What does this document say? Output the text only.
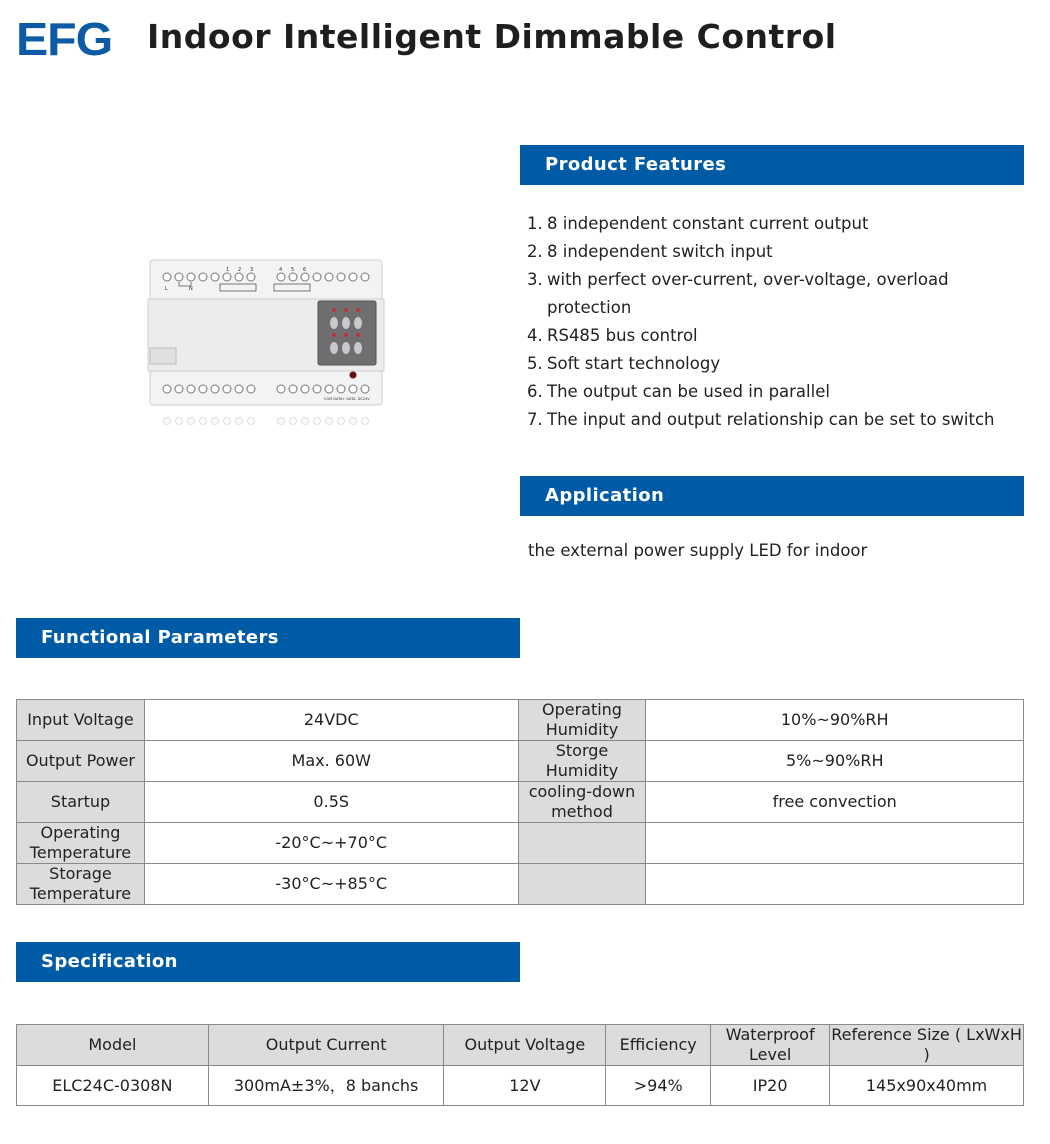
EFG Indoor Intelligent Dimmable Control
L	N
1 2 3	4 5 6
COM DATA+ DATA- DC24V
Product Features
1. 8 independent constant current output
2. 8 independent switch input
3. with perfect over-current, over-voltage, overload protection
4. RS485 bus control
5. Soft start technology
6. The output can be used in parallel
7. The input and output relationship can be set to switch
Application
the external power supply LED for indoor
Functional Parameters
Input Voltage	24VDC	Operating Humidity	10%~90%RH
Output Power	Max. 60W	Storge Humidity	5%~90%RH
Startup	0.5S	cooling-down method	free convection
Operating Temperature	-20°C~+70°C		
Storage Temperature	-30°C~+85°C		
Specification
Model	Output Current	Output Voltage	Efficiency	Waterproof Level	Reference Size ( LxWxH )
ELC24C-0308N	300mA±3%，8 banchs	12V	>94%	IP20	145x90x40mm
